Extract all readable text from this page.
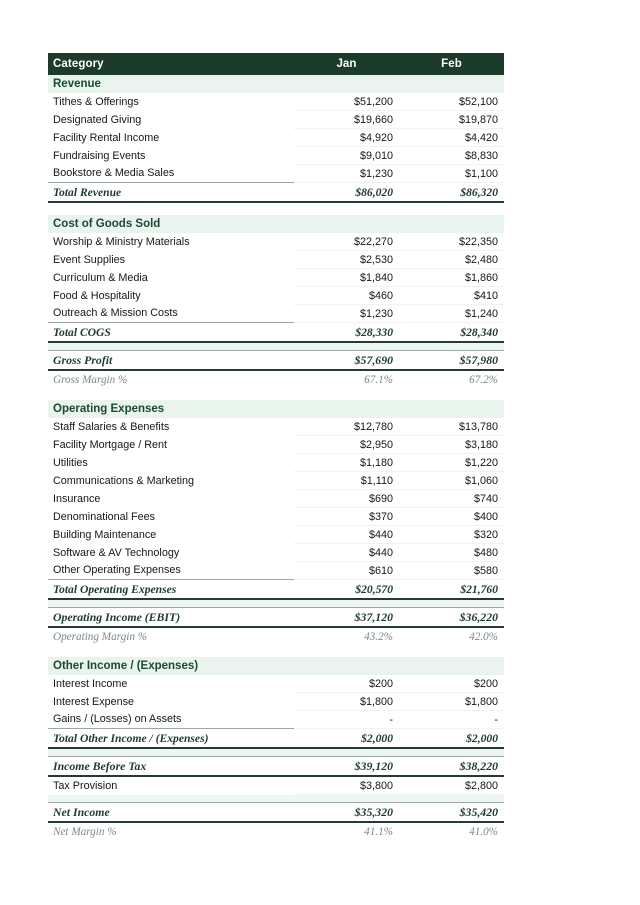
Category	Jan	Feb
Revenue		
Tithes & Offerings	$51,200	$52,100
Designated Giving	$19,660	$19,870
Facility Rental Income	$4,920	$4,420
Fundraising Events	$9,010	$8,830
Bookstore & Media Sales	$1,230	$1,100
Total Revenue	$86,020	$86,320

Cost of Goods Sold		
Worship & Ministry Materials	$22,270	$22,350
Event Supplies	$2,530	$2,480
Curriculum & Media	$1,840	$1,860
Food & Hospitality	$460	$410
Outreach & Mission Costs	$1,230	$1,240
Total COGS	$28,330	$28,340

Gross Profit	$57,690	$57,980
Gross Margin %	67.1%	67.2%

Operating Expenses		
Staff Salaries & Benefits	$12,780	$13,780
Facility Mortgage / Rent	$2,950	$3,180
Utilities	$1,180	$1,220
Communications & Marketing	$1,110	$1,060
Insurance	$690	$740
Denominational Fees	$370	$400
Building Maintenance	$440	$320
Software & AV Technology	$440	$480
Other Operating Expenses	$610	$580
Total Operating Expenses	$20,570	$21,760

Operating Income (EBIT)	$37,120	$36,220
Operating Margin %	43.2%	42.0%

Other Income / (Expenses)		
Interest Income	$200	$200
Interest Expense	$1,800	$1,800
Gains / (Losses) on Assets	-	-
Total Other Income / (Expenses)	$2,000	$2,000

Income Before Tax	$39,120	$38,220
Tax Provision	$3,800	$2,800

Net Income	$35,320	$35,420
Net Margin %	41.1%	41.0%
